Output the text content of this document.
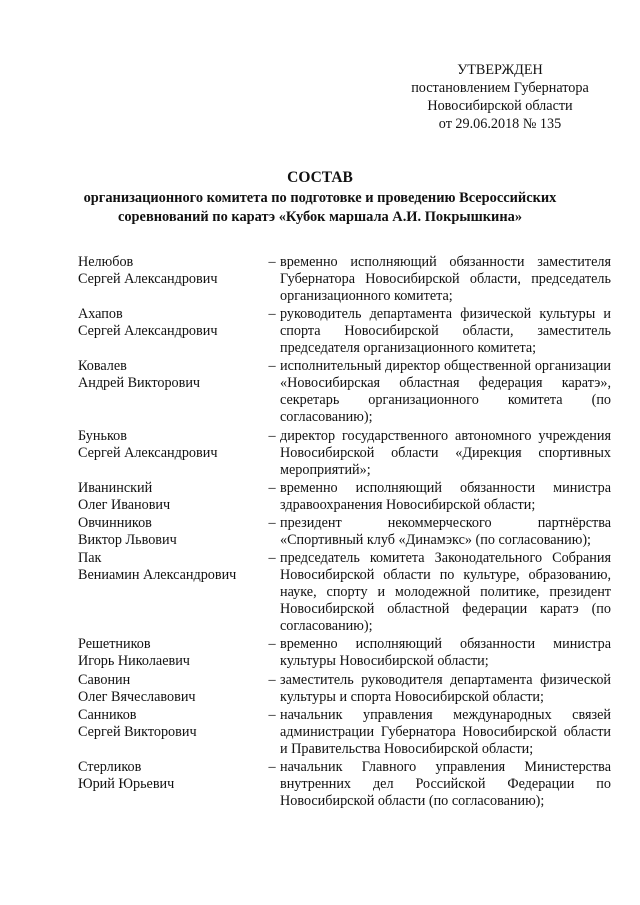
УТВЕРЖДЕН
постановлением Губернатора
Новосибирской области
от 29.06.2018 № 135
СОСТАВ
организационного комитета по подготовке и проведению Всероссийских
соревнований по каратэ «Кубок маршала А.И. Покрышкина»
Нелюбов
Сергей Александрович
– временно исполняющий обязанности заместителя Губернатора Новосибирской области, председатель организационного комитета;
Ахапов
Сергей Александрович
– руководитель департамента физической культуры и спорта Новосибирской области, заместитель председателя организационного комитета;
Ковалев
Андрей Викторович
– исполнительный директор общественной организации «Новосибирская областная федерация каратэ», секретарь организационного комитета (по согласованию);
Буньков
Сергей Александрович
– директор государственного автономного учреждения Новосибирской области «Дирекция спортивных мероприятий»;
Иванинский
Олег Иванович
– временно исполняющий обязанности министра здравоохранения Новосибирской области;
Овчинников
Виктор Львович
– президент некоммерческого партнёрства «Спортивный клуб «Динамэкс» (по согласованию);
Пак
Вениамин Александрович
– председатель комитета Законодательного Собрания Новосибирской области по культуре, образованию, науке, спорту и молодежной политике, президент Новосибирской областной федерации каратэ (по согласованию);
Решетников
Игорь Николаевич
– временно исполняющий обязанности министра культуры Новосибирской области;
Савонин
Олег Вячеславович
– заместитель руководителя департамента физической культуры и спорта Новосибирской области;
Санников
Сергей Викторович
– начальник управления международных связей администрации Губернатора Новосибирской области и Правительства Новосибирской области;
Стерликов
Юрий Юрьевич
– начальник Главного управления Министерства внутренних дел Российской Федерации по Новосибирской области (по согласованию);
